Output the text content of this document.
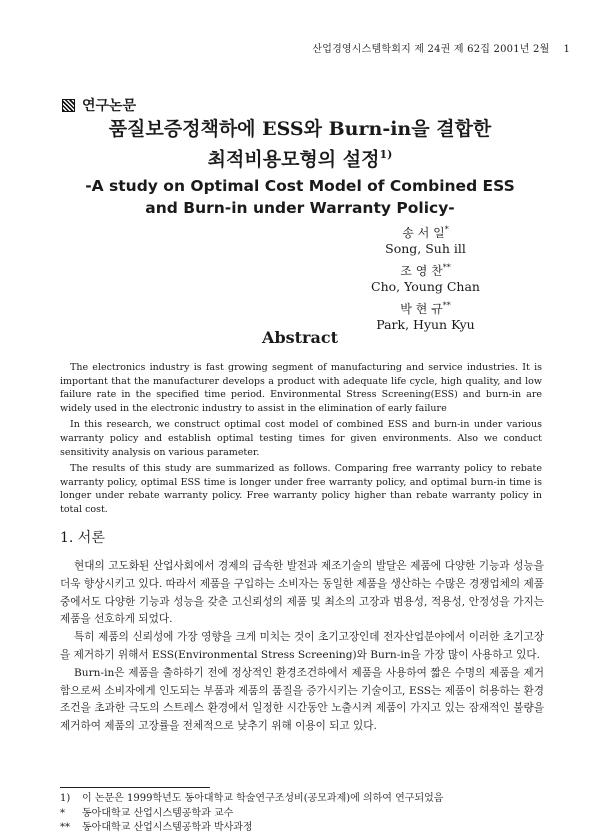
산업경영시스템학회지 제 24권 제 62집 2001년 2월 1
연구논문
품질보증정책하에 ESS와 Burn-in을 결합한
최적비용모형의 설정$^{1)}$
-A study on Optimal Cost Model of Combined ESS
and Burn-in under Warranty Policy-
송 서 일*
Song, Suh ill
조 영 찬**
Cho, Young Chan
박 현 규**
Park, Hyun Kyu
Abstract

The electronics industry is fast growing segment of manufacturing and service industries. It is important that the manufacturer develops a product with adequate life cycle, high quality, and low failure rate in the specified time period. Environmental Stress Screening(ESS) and burn-in are widely used in the electronic industry to assist in the elimination of early failure

In this research, we construct optimal cost model of combined ESS and burn-in under various warranty policy and establish optimal testing times for given environments. Also we conduct sensitivity analysis on various parameter.

The results of this study are summarized as follows. Comparing free warranty policy to rebate warranty policy, optimal ESS time is longer under free warranty policy, and optimal burn-in time is longer under rebate warranty policy. Free warranty policy higher than rebate warranty policy in total cost.

1. 서론

현대의 고도화된 산업사회에서 경제의 급속한 발전과 제조기술의 발달은 제품에 다양한 기능과 성능을 더욱 향상시키고 있다. 따라서 제품을 구입하는 소비자는 동일한 제품을 생산하는 수많은 경쟁업체의 제품 중에서도 다양한 기능과 성능을 갖춘 고신뢰성의 제품 및 최소의 고장과 범용성, 적용성, 안정성을 가지는 제품을 선호하게 되었다.

특히 제품의 신뢰성에 가장 영향을 크게 미치는 것이 초기고장인데 전자산업분야에서 이러한 초기고장을 제거하기 위해서 ESS(Environmental Stress Screening)와 Burn-in을 가장 많이 사용하고 있다.

Burn-in은 제품을 출하하기 전에 정상적인 환경조건하에서 제품을 사용하여 짧은 수명의 제품을 제거함으로써 소비자에게 인도되는 부품과 제품의 품질을 증가시키는 기술이고, ESS는 제품이 허용하는 환경조건을 초과한 극도의 스트레스 환경에서 일정한 시간동안 노출시켜 제품이 가지고 있는 잠재적인 불량을 제거하여 제품의 고장률을 전체적으로 낮추기 위해 이용이 되고 있다.

1)	이 논문은 1999학년도 동아대학교 학술연구조성비(공모과제)에 의하여 연구되었음
*	동아대학교 산업시스템공학과 교수
**	동아대학교 산업시스템공학과 박사과정
